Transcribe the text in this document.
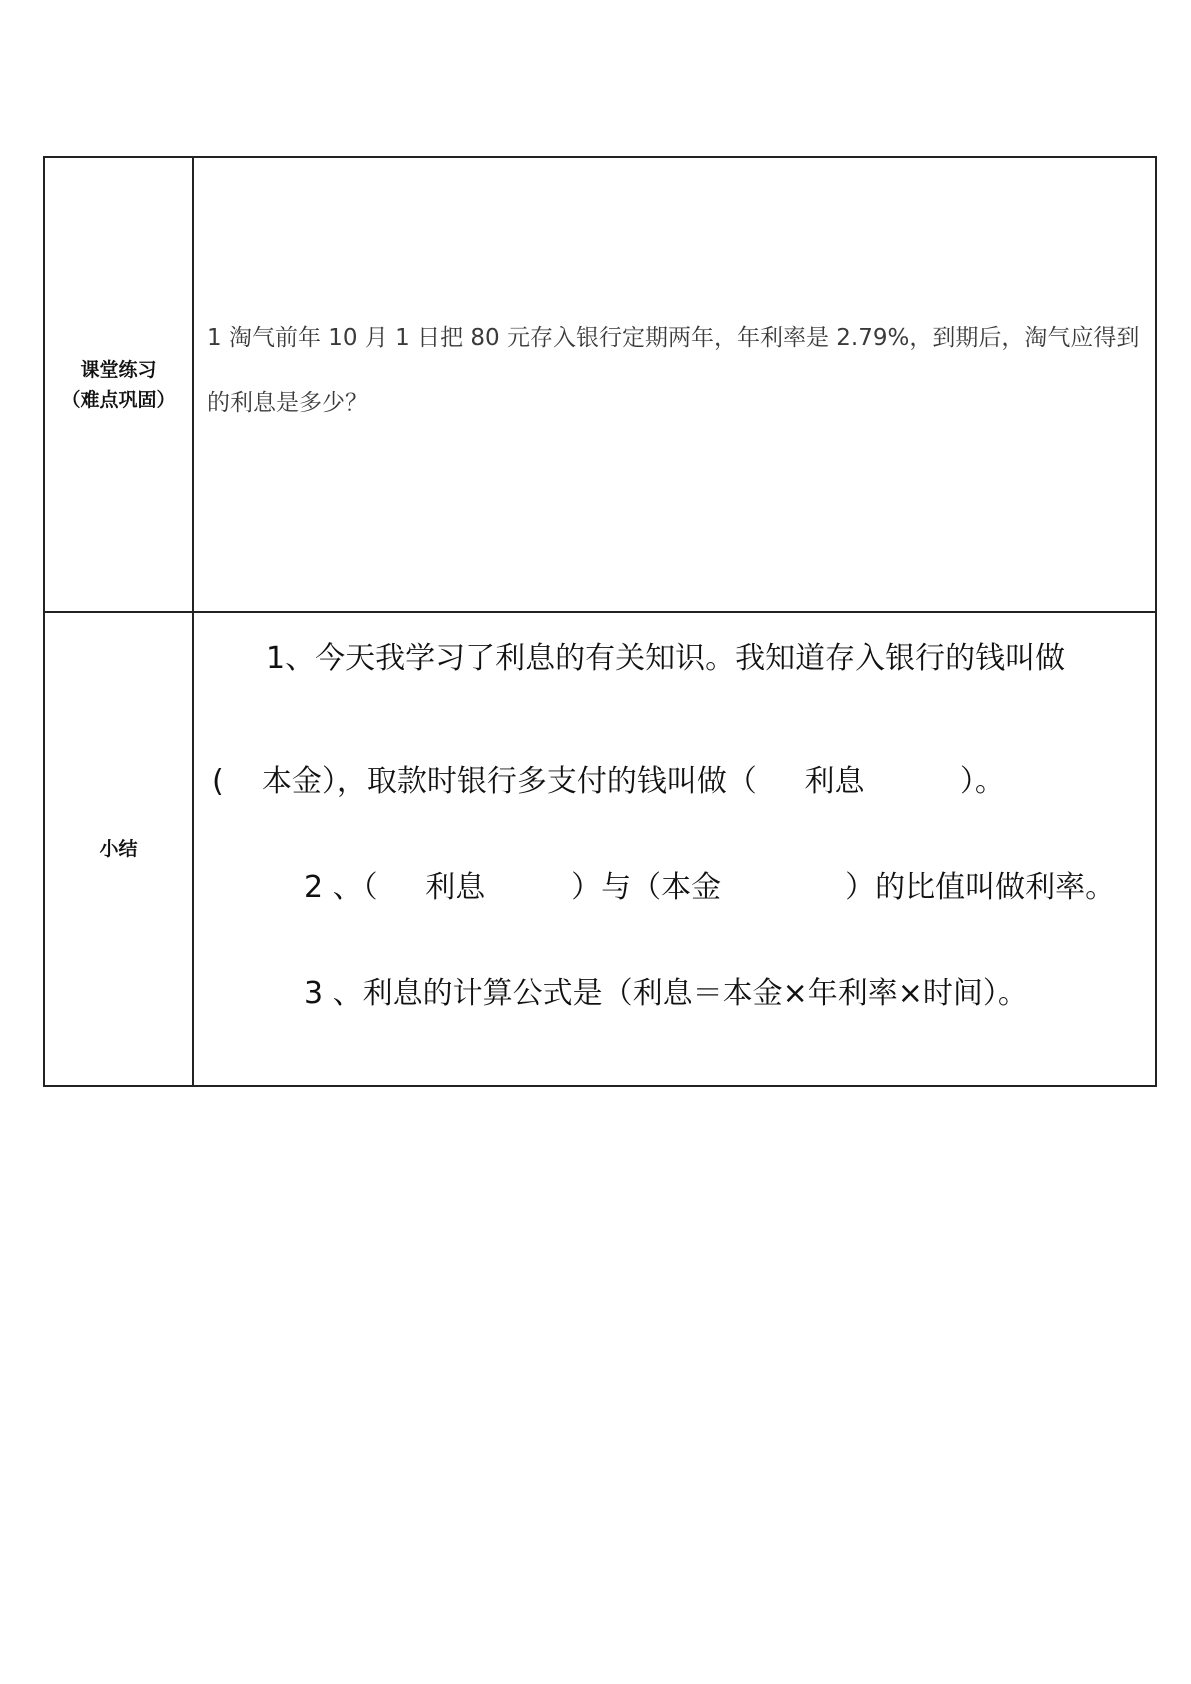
课堂练习
（难点巩固）	1 淘气前年 10 月 1 日把 80 元存入银行定期两年，年利率是 2.79%，到期后，淘气应得到的利息是多少？

小结	1、今天我学习了利息的有关知识。我知道存入银行的钱叫做
(    本金），取款时银行多支付的钱叫做（     利息          ）。
2 、（     利息         ）与（本金             ）的比值叫做利率。
3 、利息的计算公式是（利息＝本金×年利率×时间）。
